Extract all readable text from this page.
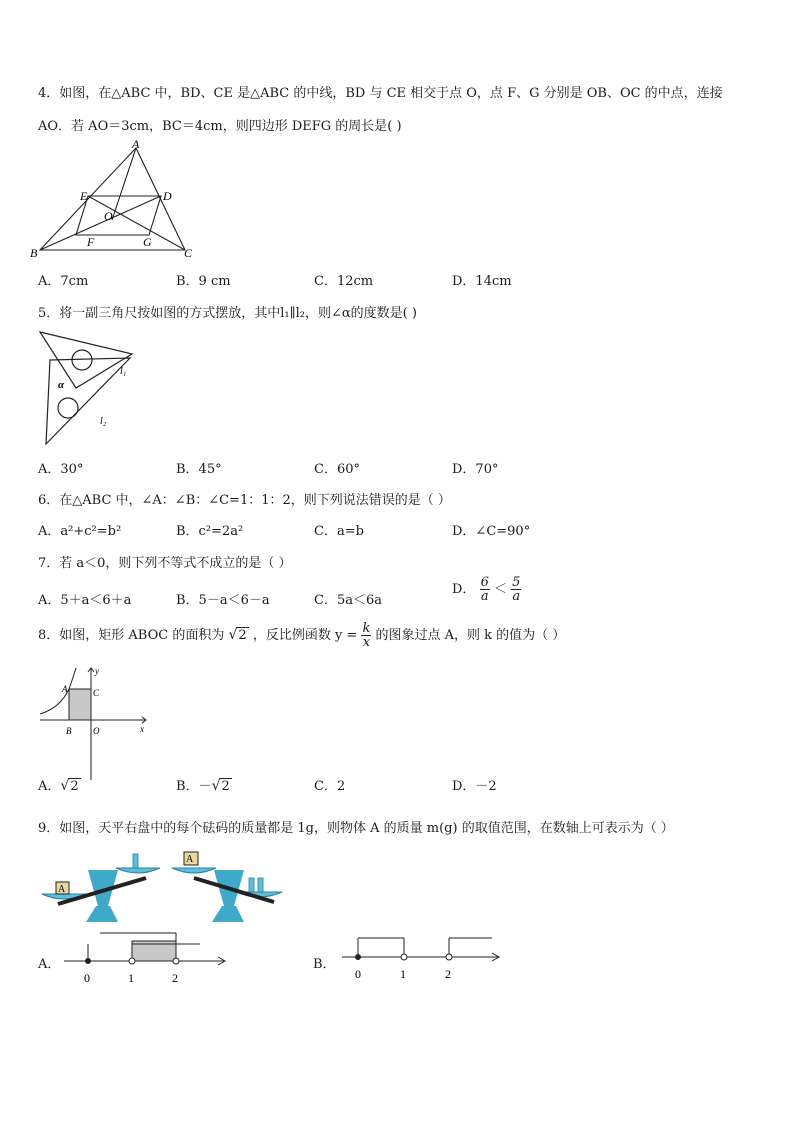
4．如图，在△ABC 中，BD、CE 是△ABC 的中线，BD 与 CE 相交于点 O，点 F、G 分别是 OB、OC 的中点，连接
AO．若 AO＝3cm，BC＝4cm，则四边形 DEFG 的周长是( )
A
B	C
D
E
F	G
O
A．7cm	B．9 cm	C．12cm	D．14cm
5．将一副三角尺按如图的方式摆放，其中l₁∥l₂，则∠α的度数是( )
α
l₁
l₂
A．30°	B．45°	C．60°	D．70°
6．在△ABC 中，∠A：∠B：∠C=1：1：2，则下列说法错误的是（ ）
A．a²+c²=b²	B．c²=2a²	C．a=b	D．∠C=90°
7．若 a＜0，则下列不等式不成立的是（ ）
A．5＋a＜6＋a	B．5－a＜6－a	C．5a＜6a
D． $\frac{6}{a} < \frac{5}{a}$
8．如图，矩形 ABOC 的面积为 √2 ，反比例函数 $y = \frac{k}{x}$ 的图象过点 A，则 k 的值为（ ）
A	C
B O	x
y
A．√2	B．－√2	C．2	D．－2
9．如图，天平右盘中的每个砝码的质量都是 1g，则物体 A 的质量 m(g) 的取值范围，在数轴上可表示为（ ）
A
A
A．
0	1	2
B．
0	1	2
